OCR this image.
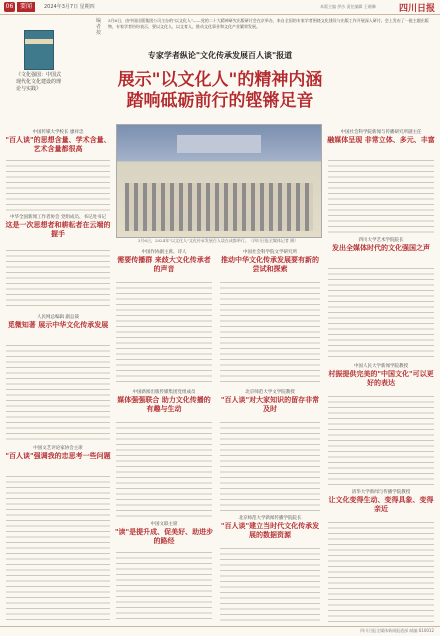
06	要闻	2024年3月7日 星期四	本版主编 伊沙 责任编辑 王晓琳	四川日报
《文化强国：中国式现代化文化建设的理论与实践》
编者按
3月6日，由中国出版集团公司主办的"以文化人"——党的二十大精神研究出版研讨会在京举办，来自全国的专家学者围绕文化建设与出版工作开展深入研讨。会上发布了一批主题出版物，专家学者纷纷表示，要以文化人、以文育人，推动文化事业和文化产业繁荣发展。
专家学者纵论"文化传承发展百人谈"报道
展示"以文化人"的精神内涵
踏响砥砺前行的铿锵足音
中国传媒大学校长 廖祥忠
"百人谈"的思想含量、学术含量、艺术含量都很高
中华全国新闻工作者协会 党组成员、书记处书记
这是一次思想者和耕耘者在云端的握手
人民网总编辑 副总裁
觅微知著 展示中华文化传承发展
中国文艺评论家协会主席
"百人谈"强调我的忠思考一些问题
3月6日，2024年"以文化人"文化传承发展百人谈在成都举行。（四川日报全媒体记者 摄）
中国作协副主席、诗人
需要传播群 来歧大文化传承者的声音
中国新闻出版传媒集团党组成员
媒体强强联合 助力文化传播的有趣与生动
中国文联主席
"读"是提升成、促美好、助进步的路经
中国社会科学院文学研究所
推动中华文化传承发展要有新的尝试和探索
北京师范大学文学院教授
"百人谈"对大家知识的留存非常及时
北京师范大学新闻传播学院院长
"百人谈"建立当时代文化传承发展的数据资源
中国社会科学院新闻与传播研究所副主任
融媒体呈现 非常立体、多元、丰富
四川大学艺术学院院长
发出全媒体时代的文化强国之声
中国人民大学新闻学院教授
村振提供完美的"中国文化"可以更好的表达
清华大学新闻与传播学院教授
让文化变得生动、变得具象、变得亲近
四川日报全媒体新闻报道部 邮编 610012
